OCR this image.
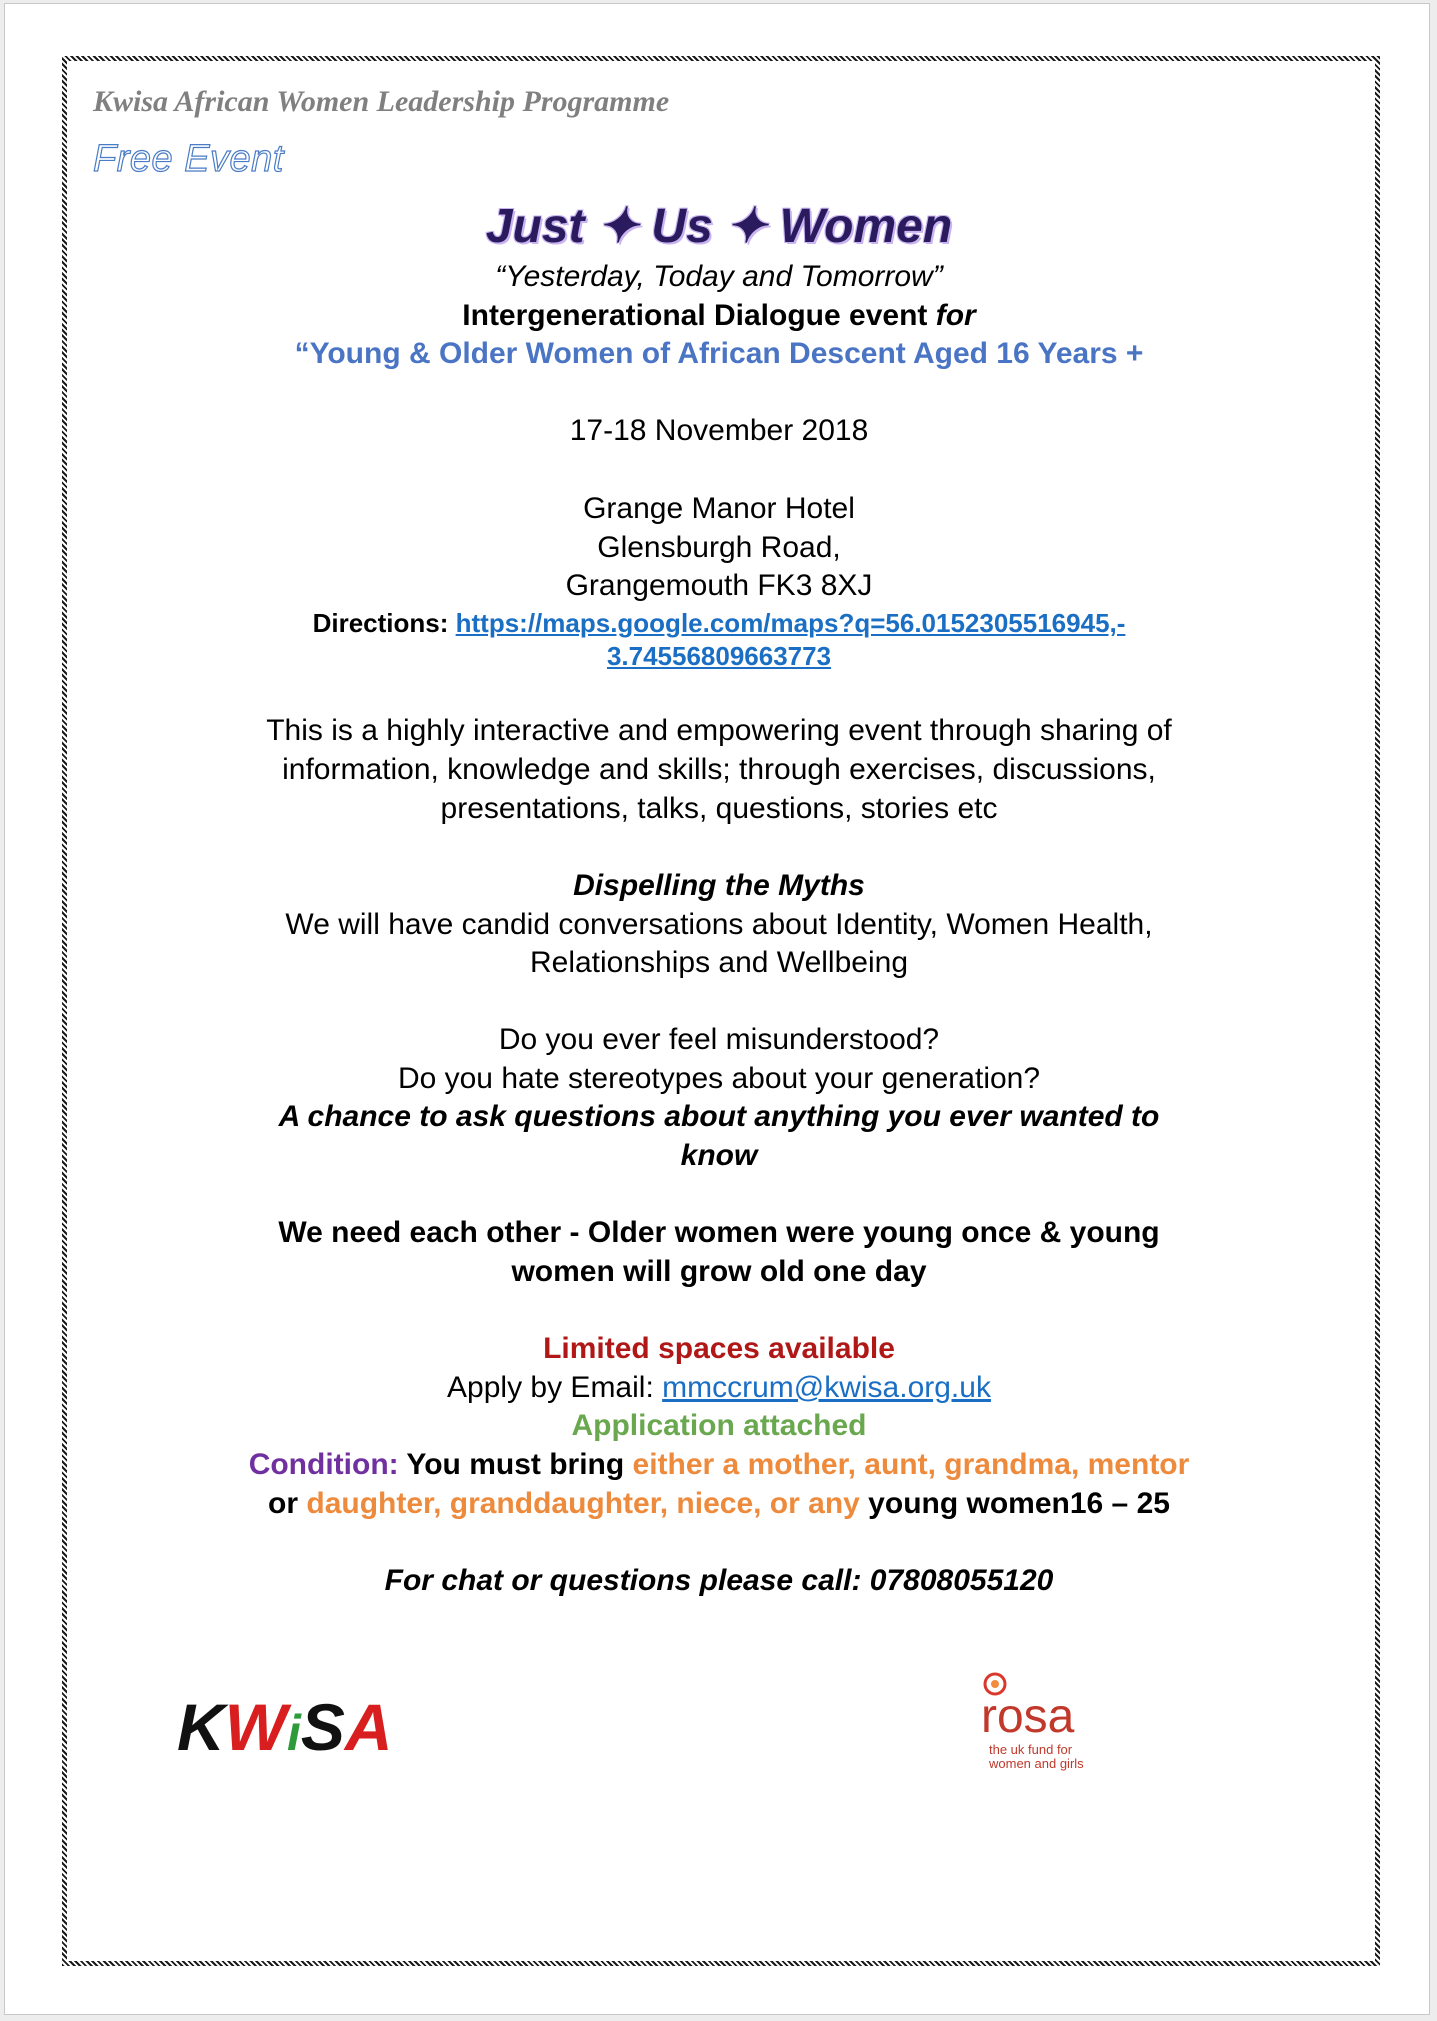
Kwisa African Women Leadership Programme

Free Event

Just ✦ Us ✦ Women

“Yesterday, Today and Tomorrow”

Intergenerational Dialogue event for

“Young & Older Women of African Descent Aged 16 Years +

17-18 November 2018

Grange Manor Hotel

Glensburgh Road,

Grangemouth FK3 8XJ

Directions: https://maps.google.com/maps?q=56.0152305516945,-

3.74556809663773

This is a highly interactive and empowering event through sharing of

information, knowledge and skills; through exercises, discussions,

presentations, talks, questions, stories etc

Dispelling the Myths

We will have candid conversations about Identity, Women Health,

Relationships and Wellbeing

Do you ever feel misunderstood?

Do you hate stereotypes about your generation?

A chance to ask questions about anything you ever wanted to

know

We need each other - Older women were young once & young

women will grow old one day

Limited spaces available

Apply by Email: mmccrum@kwisa.org.uk

Application attached

Condition: You must bring either a mother, aunt, grandma, mentor

or daughter, granddaughter, niece, or any young women16 – 25

For chat or questions please call: 07808055120

KWiSA	rosa
the uk fund for
women and girls
